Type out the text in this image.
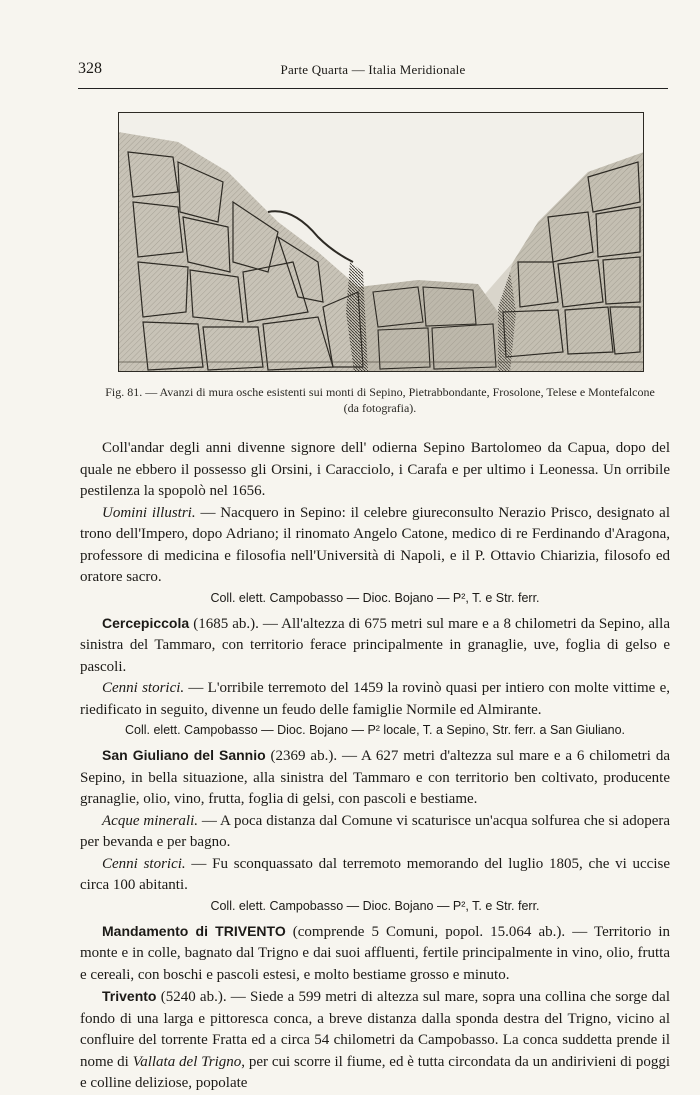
328	Parte Quarta — Italia Meridionale
Fig. 81. — Avanzi di mura osche esistenti sui monti di Sepino, Pietrabbondante, Frosolone, Telese e Montefalcone (da fotografia).

Coll'andar degli anni divenne signore dell' odierna Sepino Bartolomeo da Capua, dopo del quale ne ebbero il possesso gli Orsini, i Caracciolo, i Carafa e per ultimo i Leonessa. Un orribile pestilenza la spopolò nel 1656.

Uomini illustri. — Nacquero in Sepino: il celebre giureconsulto Nerazio Prisco, designato al trono dell'Impero, dopo Adriano; il rinomato Angelo Catone, medico di re Ferdinando d'Aragona, professore di medicina e filosofia nell'Università di Napoli, e il P. Ottavio Chiarizia, filosofo ed oratore sacro.

Coll. elett. Campobasso — Dioc. Bojano — P², T. e Str. ferr.

Cercepiccola (1685 ab.). — All'altezza di 675 metri sul mare e a 8 chilometri da Sepino, alla sinistra del Tammaro, con territorio ferace principalmente in granaglie, uve, foglia di gelso e pascoli.

Cenni storici. — L'orribile terremoto del 1459 la rovinò quasi per intiero con molte vittime e, riedificato in seguito, divenne un feudo delle famiglie Normile ed Almirante.

Coll. elett. Campobasso — Dioc. Bojano — P² locale, T. a Sepino, Str. ferr. a San Giuliano.

San Giuliano del Sannio (2369 ab.). — A 627 metri d'altezza sul mare e a 6 chilometri da Sepino, in bella situazione, alla sinistra del Tammaro e con territorio ben coltivato, producente granaglie, olio, vino, frutta, foglia di gelsi, con pascoli e bestiame.

Acque minerali. — A poca distanza dal Comune vi scaturisce un'acqua solfurea che si adopera per bevanda e per bagno.

Cenni storici. — Fu sconquassato dal terremoto memorando del luglio 1805, che vi uccise circa 100 abitanti.

Coll. elett. Campobasso — Dioc. Bojano — P², T. e Str. ferr.

Mandamento di TRIVENTO (comprende 5 Comuni, popol. 15.064 ab.). — Territorio in monte e in colle, bagnato dal Trigno e dai suoi affluenti, fertile principalmente in vino, olio, frutta e cereali, con boschi e pascoli estesi, e molto bestiame grosso e minuto.

Trivento (5240 ab.). — Siede a 599 metri di altezza sul mare, sopra una collina che sorge dal fondo di una larga e pittoresca conca, a breve distanza dalla sponda destra del Trigno, vicino al confluire del torrente Fratta ed a circa 54 chilometri da Campobasso. La conca suddetta prende il nome di Vallata del Trigno, per cui scorre il fiume, ed è tutta circondata da un andirivieni di poggi e colline deliziose, popolate
